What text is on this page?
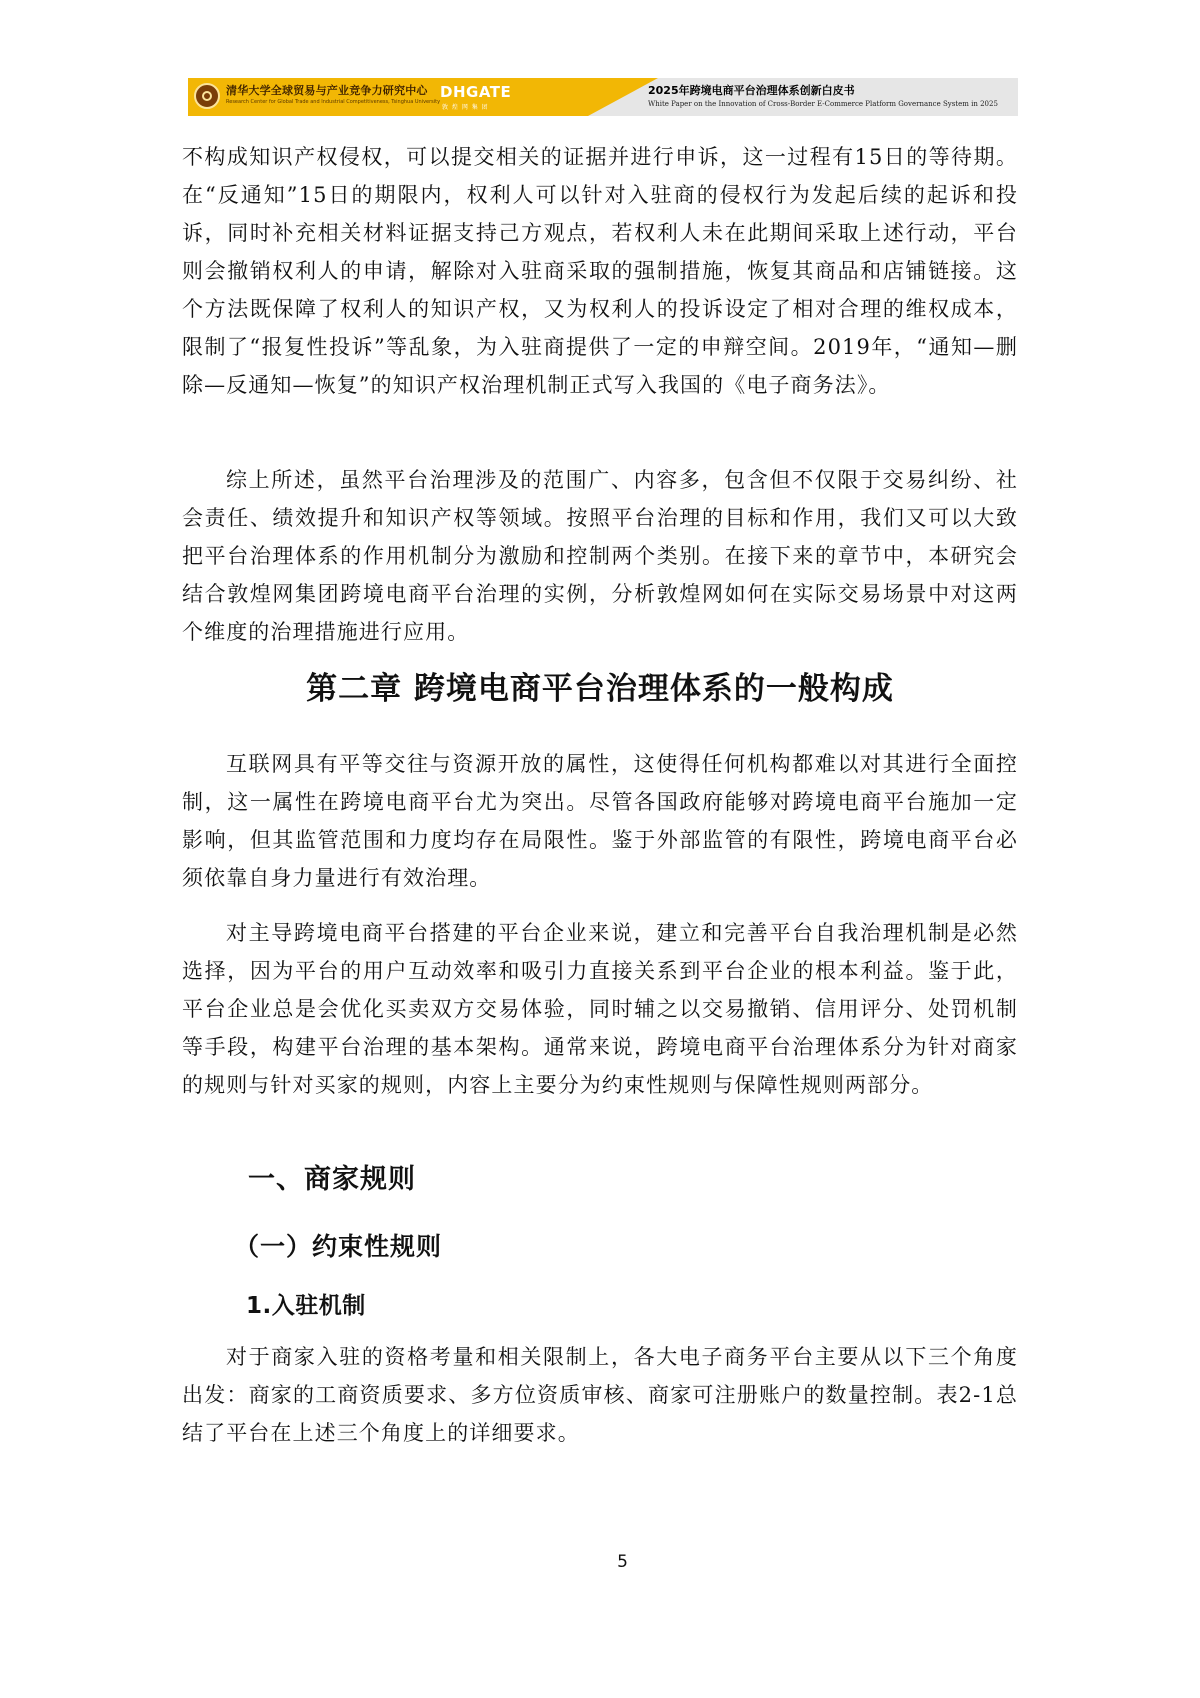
清华大学全球贸易与产业竞争力研究中心
Research Center for Global Trade and Industrial Competitiveness, Tsinghua University
DHGATE
敦 煌 网 集 团
2025年跨境电商平台治理体系创新白皮书
White Paper on the Innovation of Cross-Border E-Commerce Platform Governance System in 2025

不构成知识产权侵权，可以提交相关的证据并进行申诉，这一过程有15日的等待期。在“反通知”15日的期限内，权利人可以针对入驻商的侵权行为发起后续的起诉和投诉，同时补充相关材料证据支持己方观点，若权利人未在此期间采取上述行动，平台则会撤销权利人的申请，解除对入驻商采取的强制措施，恢复其商品和店铺链接。这个方法既保障了权利人的知识产权，又为权利人的投诉设定了相对合理的维权成本，限制了“报复性投诉”等乱象，为入驻商提供了一定的申辩空间。2019年，“通知—删除—反通知—恢复”的知识产权治理机制正式写入我国的《电子商务法》。

综上所述，虽然平台治理涉及的范围广、内容多，包含但不仅限于交易纠纷、社会责任、绩效提升和知识产权等领域。按照平台治理的目标和作用，我们又可以大致把平台治理体系的作用机制分为激励和控制两个类别。在接下来的章节中，本研究会结合敦煌网集团跨境电商平台治理的实例，分析敦煌网如何在实际交易场景中对这两个维度的治理措施进行应用。

第二章 跨境电商平台治理体系的一般构成

互联网具有平等交往与资源开放的属性，这使得任何机构都难以对其进行全面控制，这一属性在跨境电商平台尤为突出。尽管各国政府能够对跨境电商平台施加一定影响，但其监管范围和力度均存在局限性。鉴于外部监管的有限性，跨境电商平台必须依靠自身力量进行有效治理。

对主导跨境电商平台搭建的平台企业来说，建立和完善平台自我治理机制是必然选择，因为平台的用户互动效率和吸引力直接关系到平台企业的根本利益。鉴于此，平台企业总是会优化买卖双方交易体验，同时辅之以交易撤销、信用评分、处罚机制等手段，构建平台治理的基本架构。通常来说，跨境电商平台治理体系分为针对商家的规则与针对买家的规则，内容上主要分为约束性规则与保障性规则两部分。

一、商家规则
（一）约束性规则
1.入驻机制

对于商家入驻的资格考量和相关限制上，各大电子商务平台主要从以下三个角度出发：商家的工商资质要求、多方位资质审核、商家可注册账户的数量控制。表2-1总结了平台在上述三个角度上的详细要求。

5
